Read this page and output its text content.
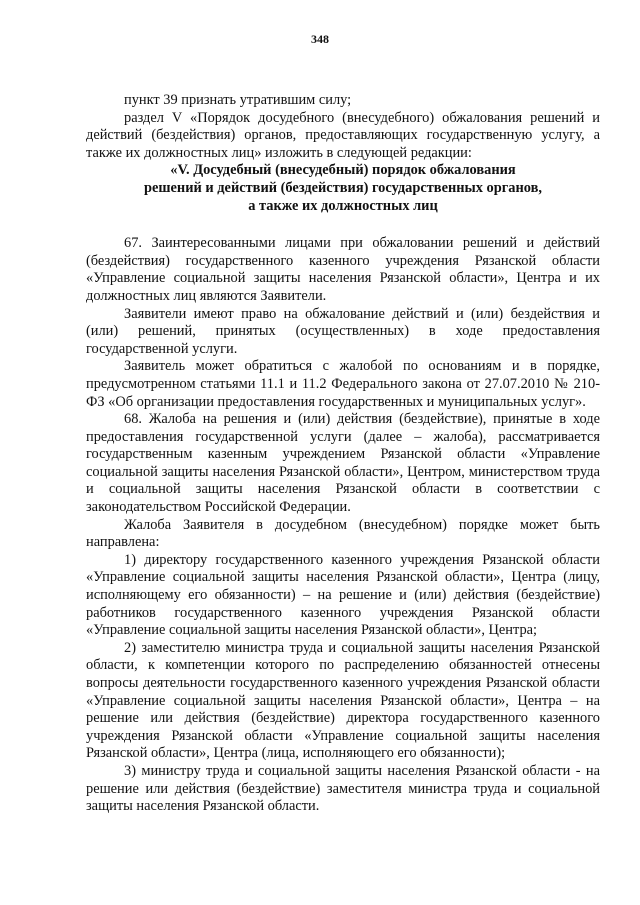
348

пункт 39 признать утратившим силу;

раздел V «Порядок досудебного (внесудебного) обжалования решений и действий (бездействия) органов, предоставляющих государственную услугу, а также их должностных лиц» изложить в следующей редакции:

«V. Досудебный (внесудебный) порядок обжалования
решений и действий (бездействия) государственных органов,
а также их должностных лиц

67. Заинтересованными лицами при обжаловании решений и действий (бездействия) государственного казенного учреждения Рязанской области «Управление социальной защиты населения Рязанской области», Центра и их должностных лиц являются Заявители.

Заявители имеют право на обжалование действий и (или) бездействия и (или) решений, принятых (осуществленных) в ходе предоставления государственной услуги.

Заявитель может обратиться с жалобой по основаниям и в порядке, предусмотренном статьями 11.1 и 11.2 Федерального закона от 27.07.2010 № 210-ФЗ «Об организации предоставления государственных и муниципальных услуг».

68. Жалоба на решения и (или) действия (бездействие), принятые в ходе предоставления государственной услуги (далее – жалоба), рассматривается государственным казенным учреждением Рязанской области «Управление социальной защиты населения Рязанской области», Центром, министерством труда и социальной защиты населения Рязанской области в соответствии с законодательством Российской Федерации.

Жалоба Заявителя в досудебном (внесудебном) порядке может быть направлена:

1) директору государственного казенного учреждения Рязанской области «Управление социальной защиты населения Рязанской области», Центра (лицу, исполняющему его обязанности) – на решение и (или) действия (бездействие) работников государственного казенного учреждения Рязанской области «Управление социальной защиты населения Рязанской области», Центра;

2) заместителю министра труда и социальной защиты населения Рязанской области, к компетенции которого по распределению обязанностей отнесены вопросы деятельности государственного казенного учреждения Рязанской области «Управление социальной защиты населения Рязанской области», Центра – на решение или действия (бездействие) директора государственного казенного учреждения Рязанской области «Управление социальной защиты населения Рязанской области», Центра (лица, исполняющего его обязанности);

3) министру труда и социальной защиты населения Рязанской области - на решение или действия (бездействие) заместителя министра труда и социальной защиты населения Рязанской области.
